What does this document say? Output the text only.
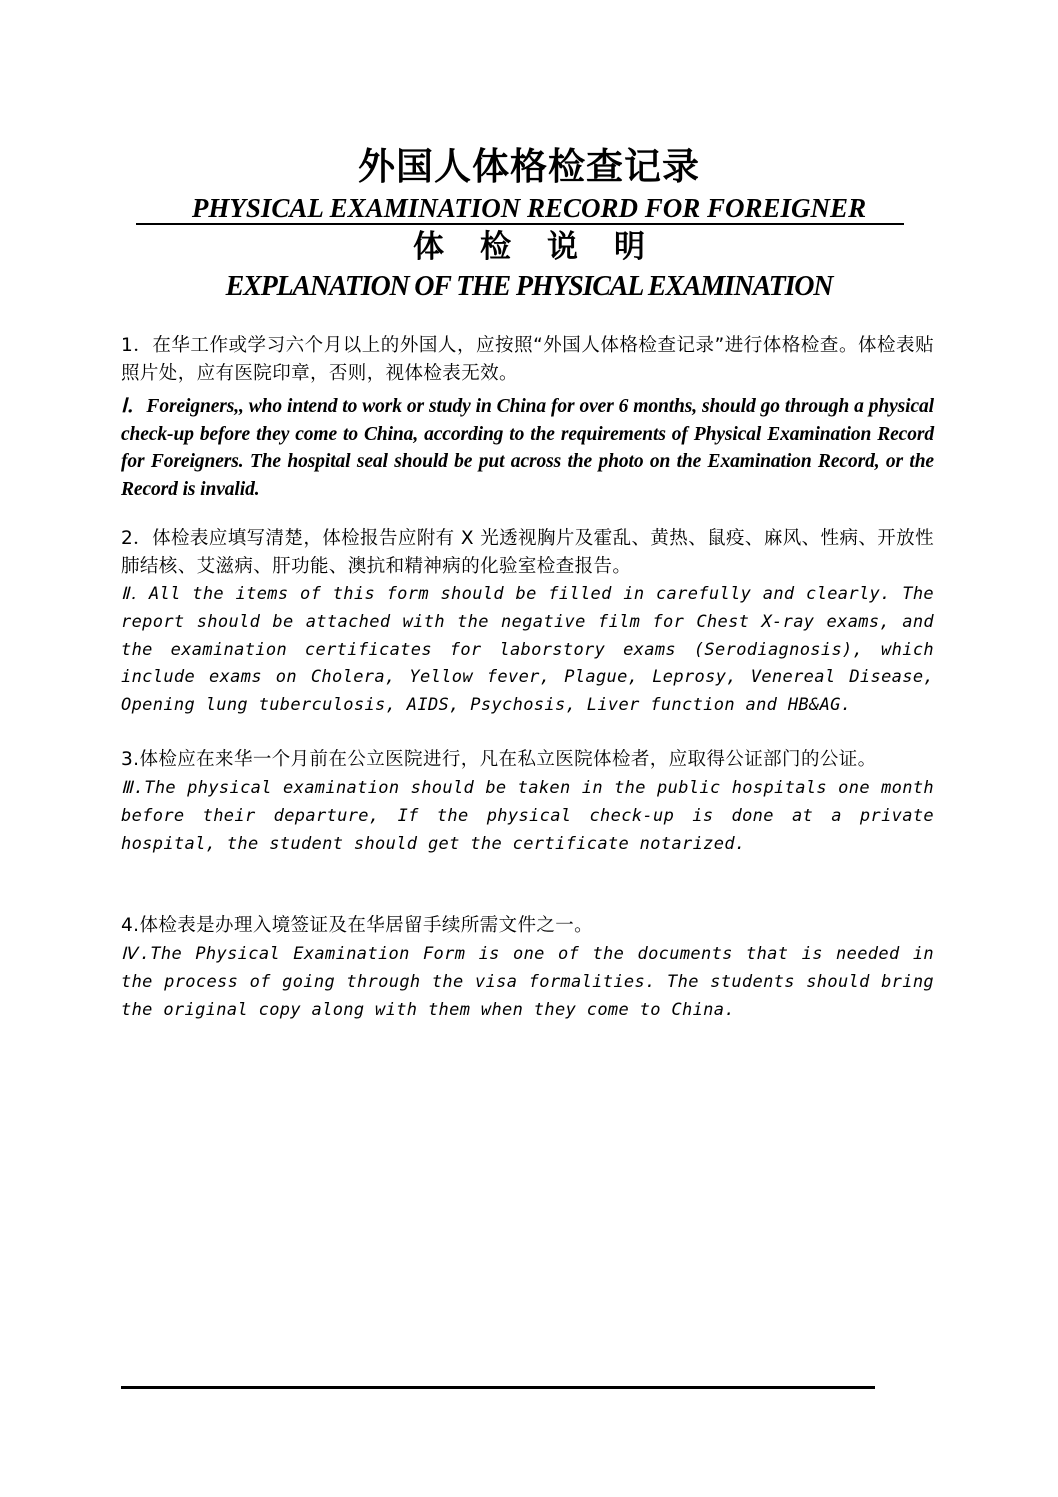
外国人体格检查记录
PHYSICAL EXAMINATION RECORD FOR FOREIGNER
体检说明
EXPLANATION OF THE PHYSICAL EXAMINATION
1．在华工作或学习六个月以上的外国人，应按照“外国人体格检查记录”进行体格检查。体检表贴照片处，应有医院印章，否则，视体检表无效。
Ⅰ．Foreigners,, who intend to work or study in China for over 6 months, should go through a physical check-up before they come to China, according to the requirements of Physical Examination Record for Foreigners. The hospital seal should be put across the photo on the Examination Record, or the Record is invalid.
2．体检表应填写清楚，体检报告应附有 X 光透视胸片及霍乱、黄热、鼠疫、麻风、性病、开放性肺结核、艾滋病、肝功能、澳抗和精神病的化验室检查报告。
Ⅱ．All the items of this form should be filled in carefully and clearly. The report should be attached with the negative film for Chest X-ray exams, and the examination certificates for laborstory exams (Serodiagnosis), which include exams on Cholera, Yellow fever, Plague, Leprosy, Venereal Disease, Opening lung tuberculosis, AIDS, Psychosis, Liver function and HB&AG.
3.体检应在来华一个月前在公立医院进行，凡在私立医院体检者，应取得公证部门的公证。
Ⅲ.The physical examination should be taken in the public hospitals one month before their departure, If the physical check-up is done at a private hospital, the student should get the certificate notarized.
4.体检表是办理入境签证及在华居留手续所需文件之一。
Ⅳ.The Physical Examination Form is one of the documents that is needed in the process of going through the visa formalities. The students should bring the original copy along with them when they come to China.
